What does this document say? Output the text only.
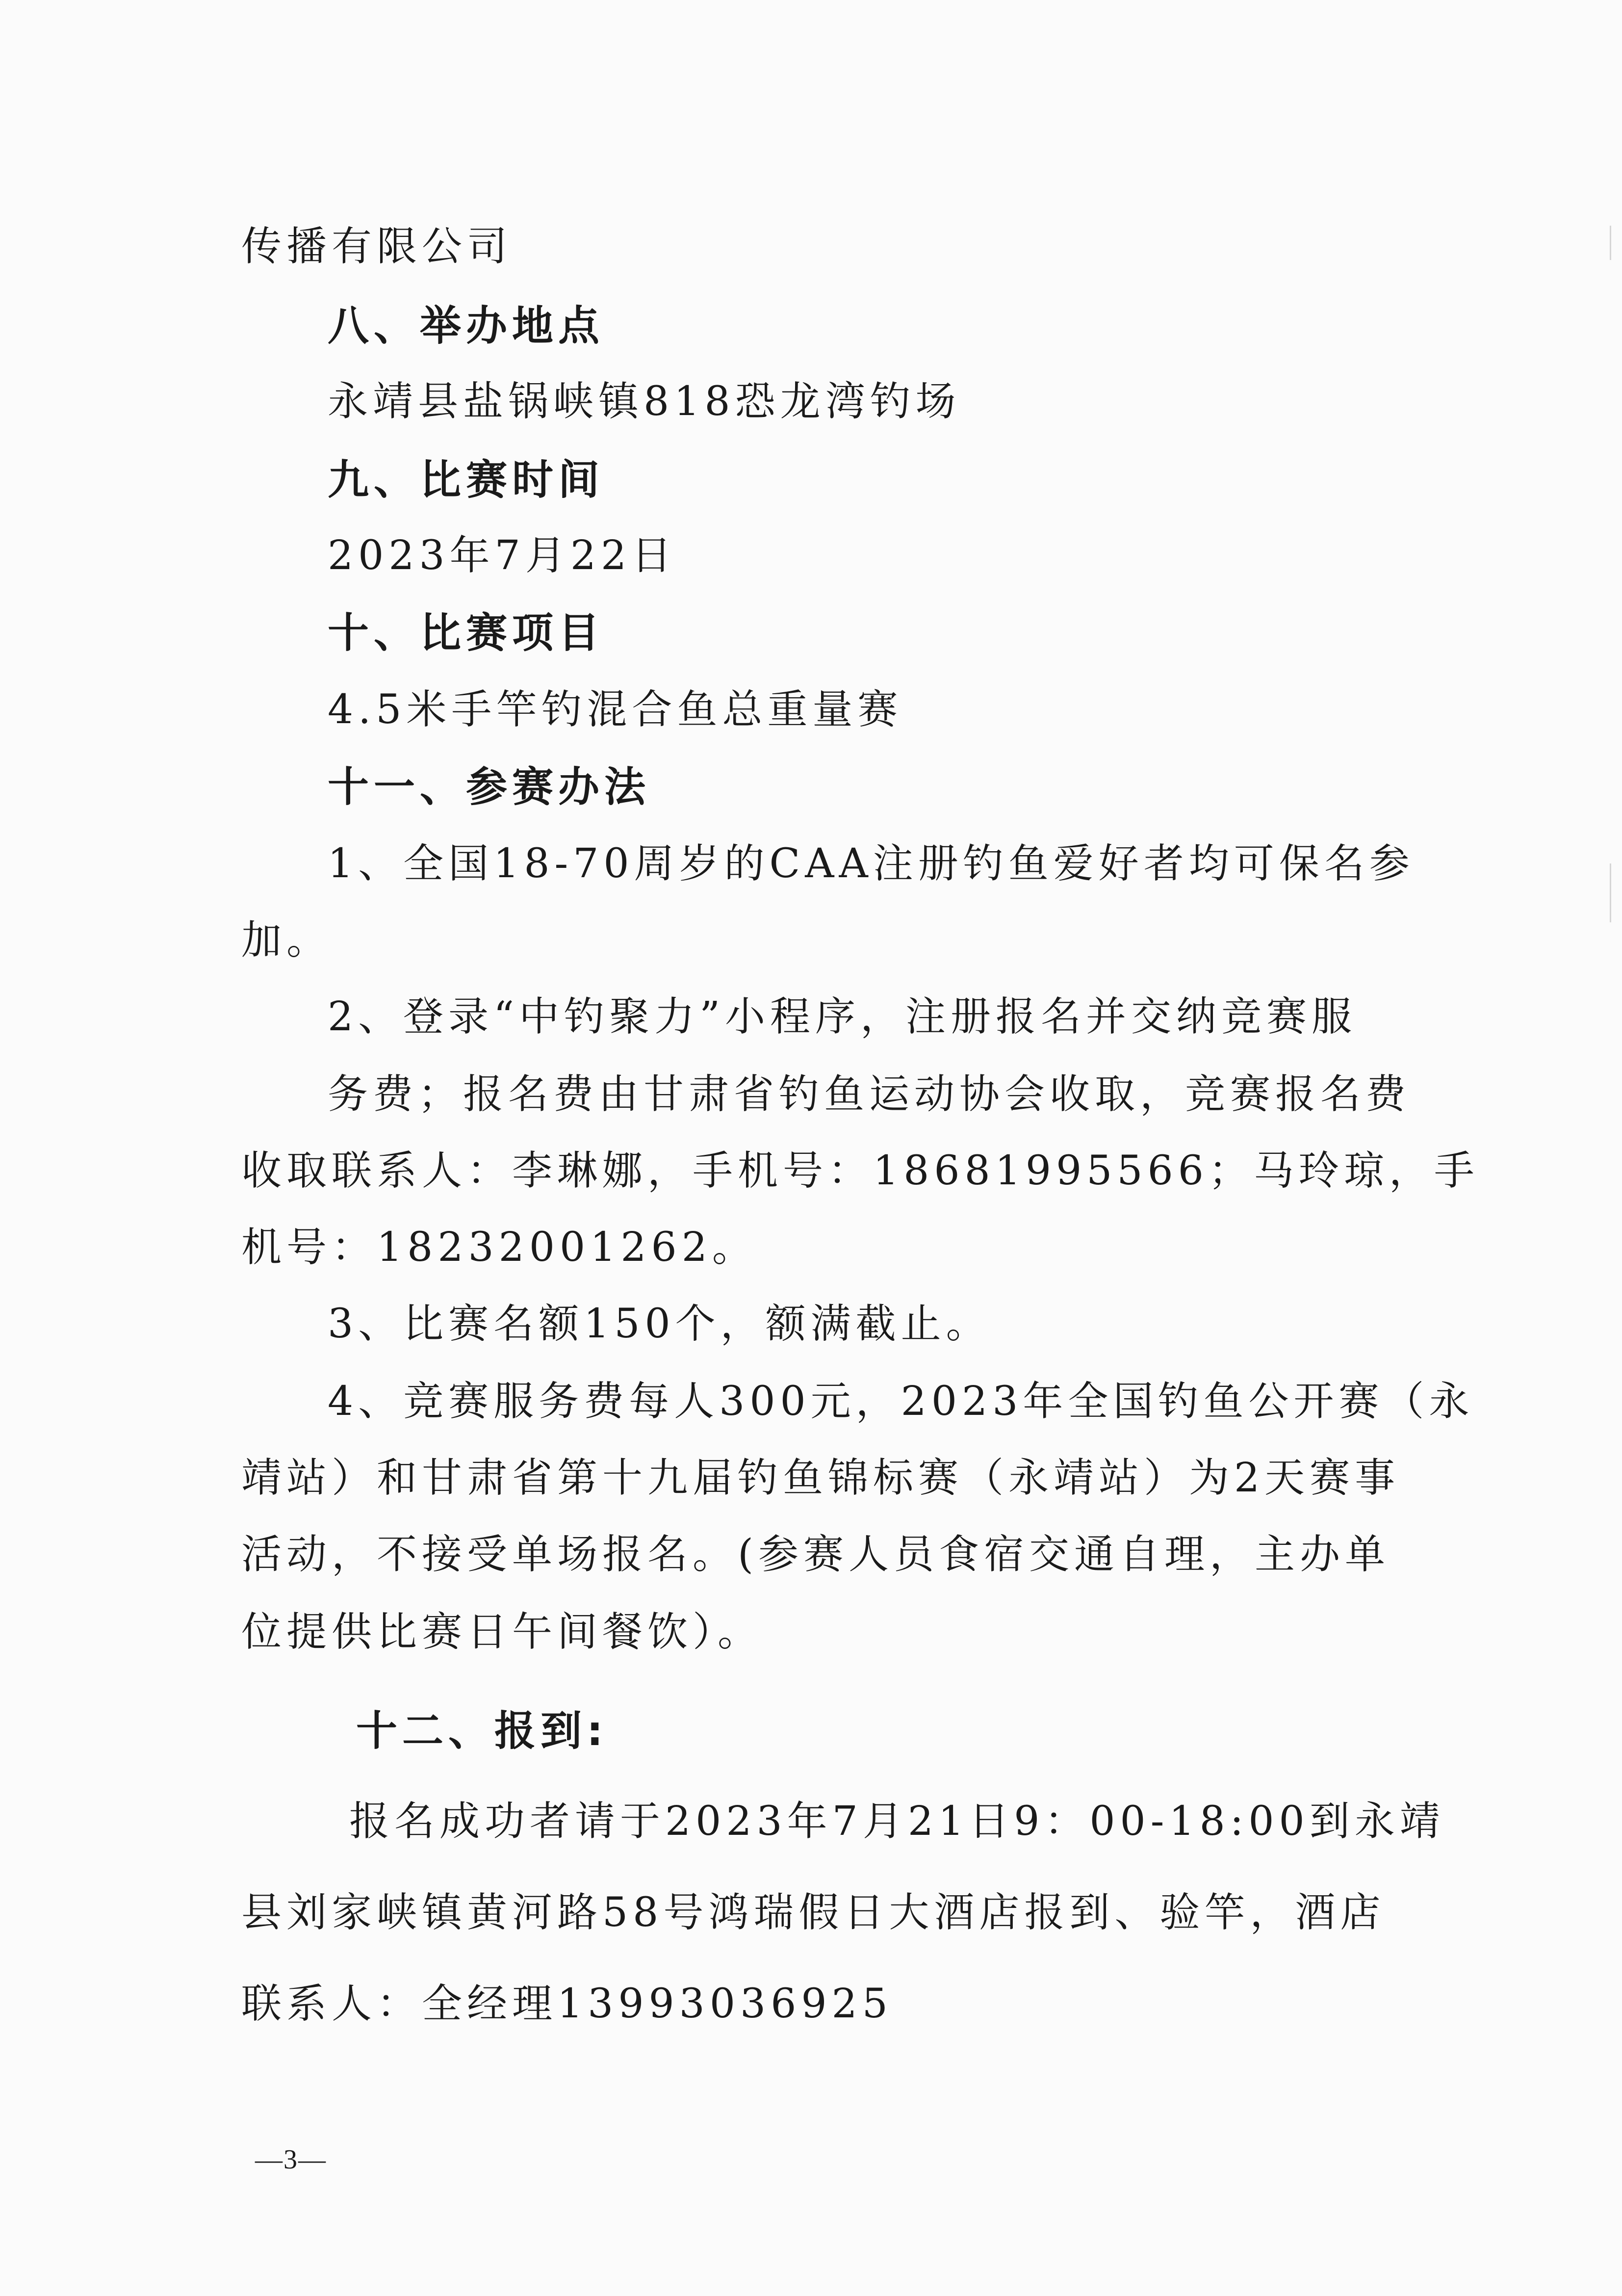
传播有限公司
八、举办地点
永靖县盐锅峡镇818恐龙湾钓场
九、比赛时间
2023年7月22日
十、比赛项目
4.5米手竿钓混合鱼总重量赛
十一、参赛办法
1、全国18-70周岁的CAA注册钓鱼爱好者均可保名参
加。
2、登录“中钓聚力”小程序，注册报名并交纳竞赛服
务费；报名费由甘肃省钓鱼运动协会收取，竞赛报名费
收取联系人：李琳娜，手机号：18681995566；马玲琼，手
机号：18232001262。
3、比赛名额150个，额满截止。
4、竞赛服务费每人300元，2023年全国钓鱼公开赛（永
靖站）和甘肃省第十九届钓鱼锦标赛（永靖站）为2天赛事
活动，不接受单场报名。(参赛人员食宿交通自理，主办单
位提供比赛日午间餐饮）。
十二、报到:
报名成功者请于2023年7月21日9：00-18:00到永靖
县刘家峡镇黄河路58号鸿瑞假日大酒店报到、验竿，酒店
联系人：全经理13993036925
—3—
